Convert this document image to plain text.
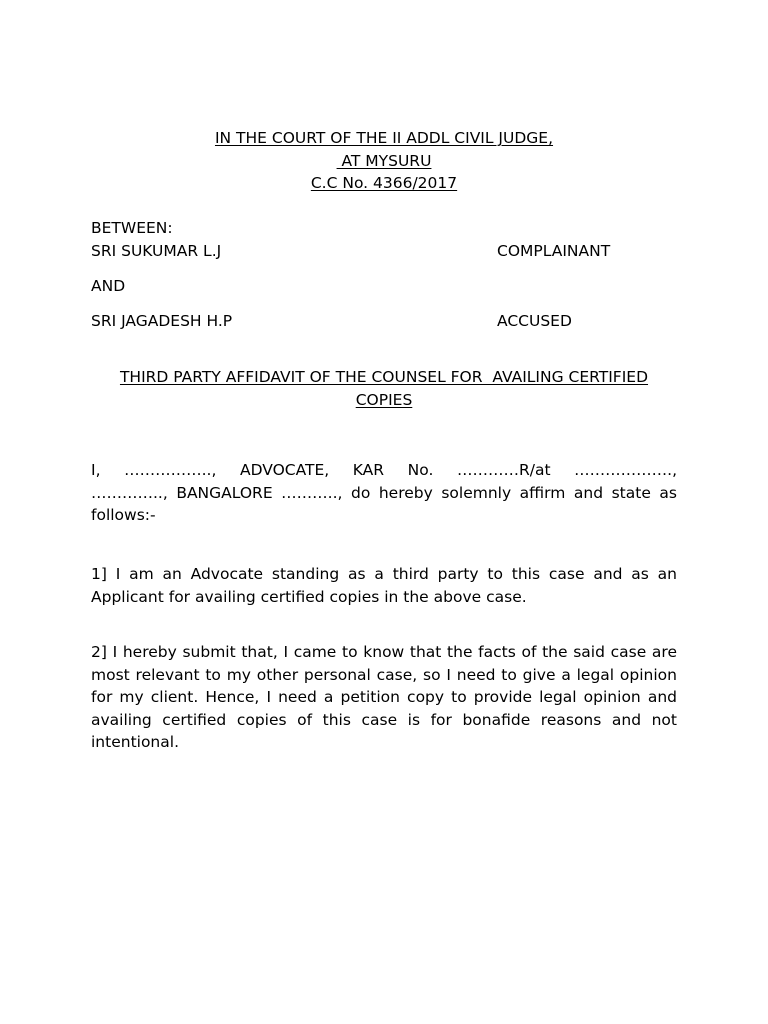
IN THE COURT OF THE II ADDL CIVIL JUDGE,
AT MYSURU
C.C No. 4366/2017
BETWEEN:
SRI SUKUMAR L.J	COMPLAINANT
AND
SRI JAGADESH H.P	ACCUSED
THIRD PARTY AFFIDAVIT OF THE COUNSEL FOR  AVAILING CERTIFIED
COPIES
I, …………….., ADVOCATE, KAR No. …………R/at ……………….,
………….., BANGALORE ……….., do hereby solemnly affirm and state as follows:-
1] I am an Advocate standing as a third party to this case and as an Applicant for availing certified copies in the above case.
2] I hereby submit that, I came to know that the facts of the said case are most relevant to my other personal case, so I need to give a legal opinion for my client. Hence, I need a petition copy to provide legal opinion and availing certified copies of this case is for bonafide reasons and not intentional.
